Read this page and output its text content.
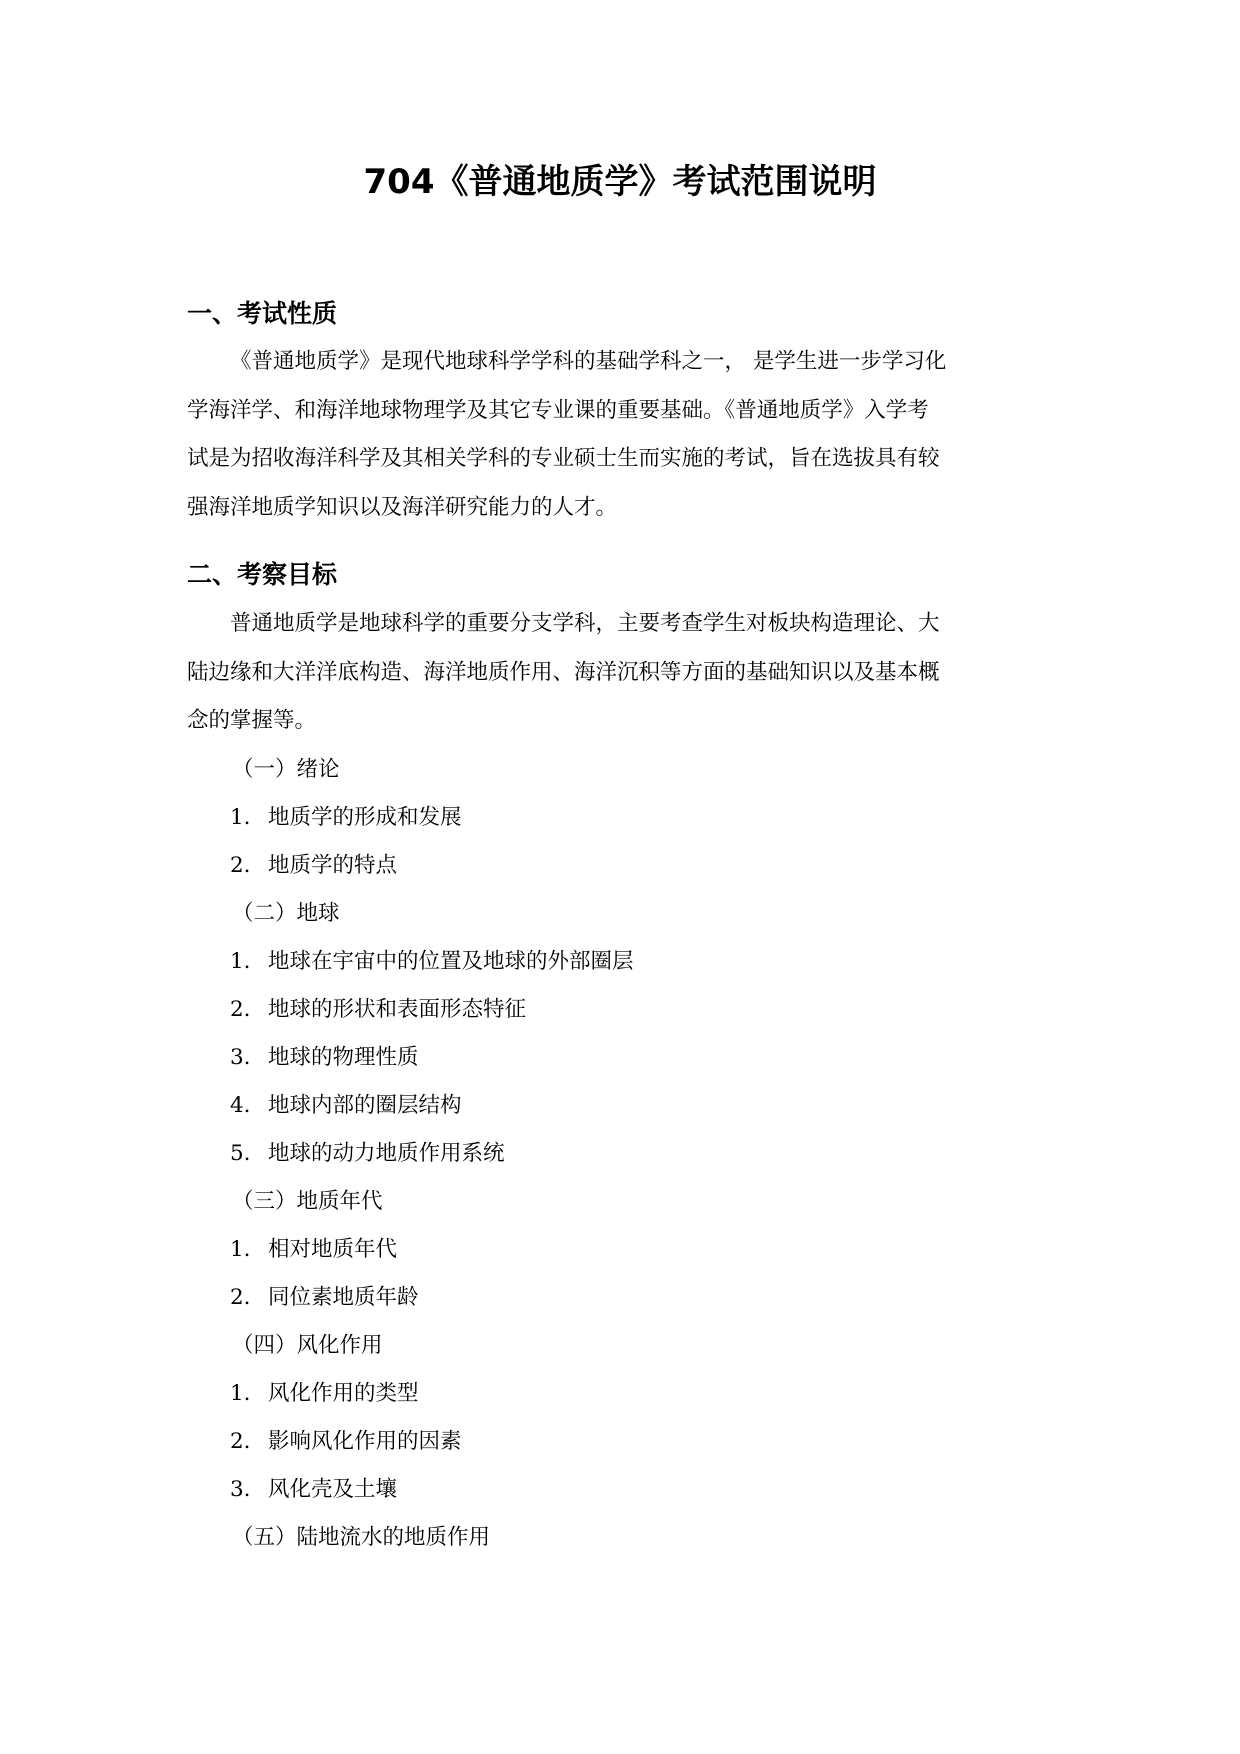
704《普通地质学》考试范围说明
一、考试性质
《普通地质学》是现代地球科学学科的基础学科之一， 是学生进一步学习化
学海洋学、和海洋地球物理学及其它专业课的重要基础。《普通地质学》入学考
试是为招收海洋科学及其相关学科的专业硕士生而实施的考试，旨在选拔具有较
强海洋地质学知识以及海洋研究能力的人才。
二、考察目标
普通地质学是地球科学的重要分支学科，主要考查学生对板块构造理论、大
陆边缘和大洋洋底构造、海洋地质作用、海洋沉积等方面的基础知识以及基本概
念的掌握等。
（一）绪论
1. 地质学的形成和发展
2. 地质学的特点
（二）地球
1. 地球在宇宙中的位置及地球的外部圈层
2. 地球的形状和表面形态特征
3. 地球的物理性质
4. 地球内部的圈层结构
5. 地球的动力地质作用系统
（三）地质年代
1. 相对地质年代
2. 同位素地质年龄
（四）风化作用
1. 风化作用的类型
2. 影响风化作用的因素
3. 风化壳及土壤
（五）陆地流水的地质作用
